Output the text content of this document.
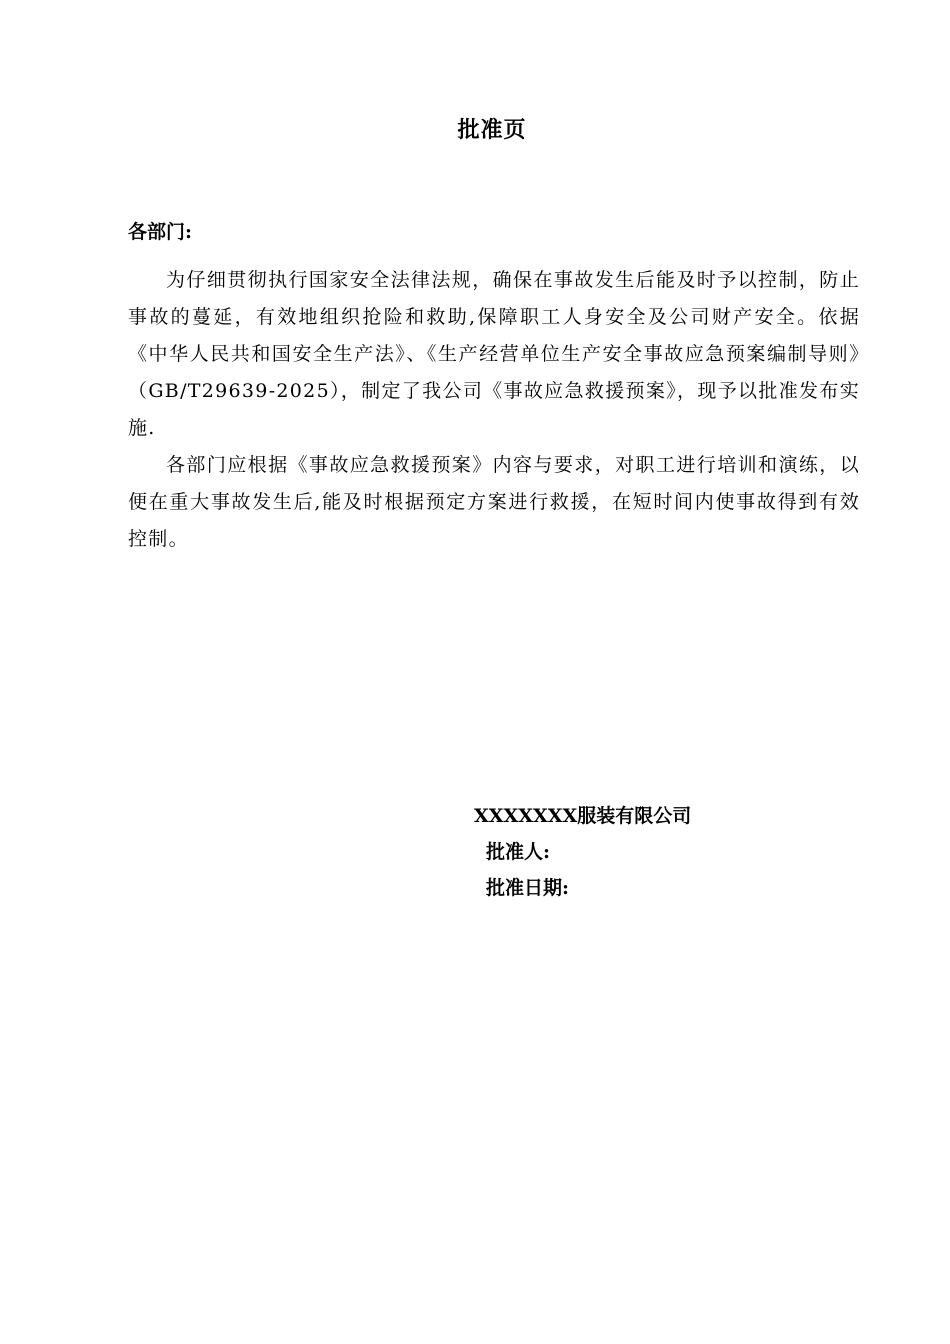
批准页
各部门:

为仔细贯彻执行国家安全法律法规，确保在事故发生后能及时予以控制，防止事故的蔓延，有效地组织抢险和救助,保障职工人身安全及公司财产安全。依据《中华人民共和国安全生产法》、《生产经营单位生产安全事故应急预案编制导则》（GB/T29639-2025），制定了我公司《事故应急救援预案》，现予以批准发布实施.

各部门应根据《事故应急救援预案》内容与要求，对职工进行培训和演练，以便在重大事故发生后,能及时根据预定方案进行救援，在短时间内使事故得到有效控制。

XXXXXXX服装有限公司
批准人:
批准日期:
